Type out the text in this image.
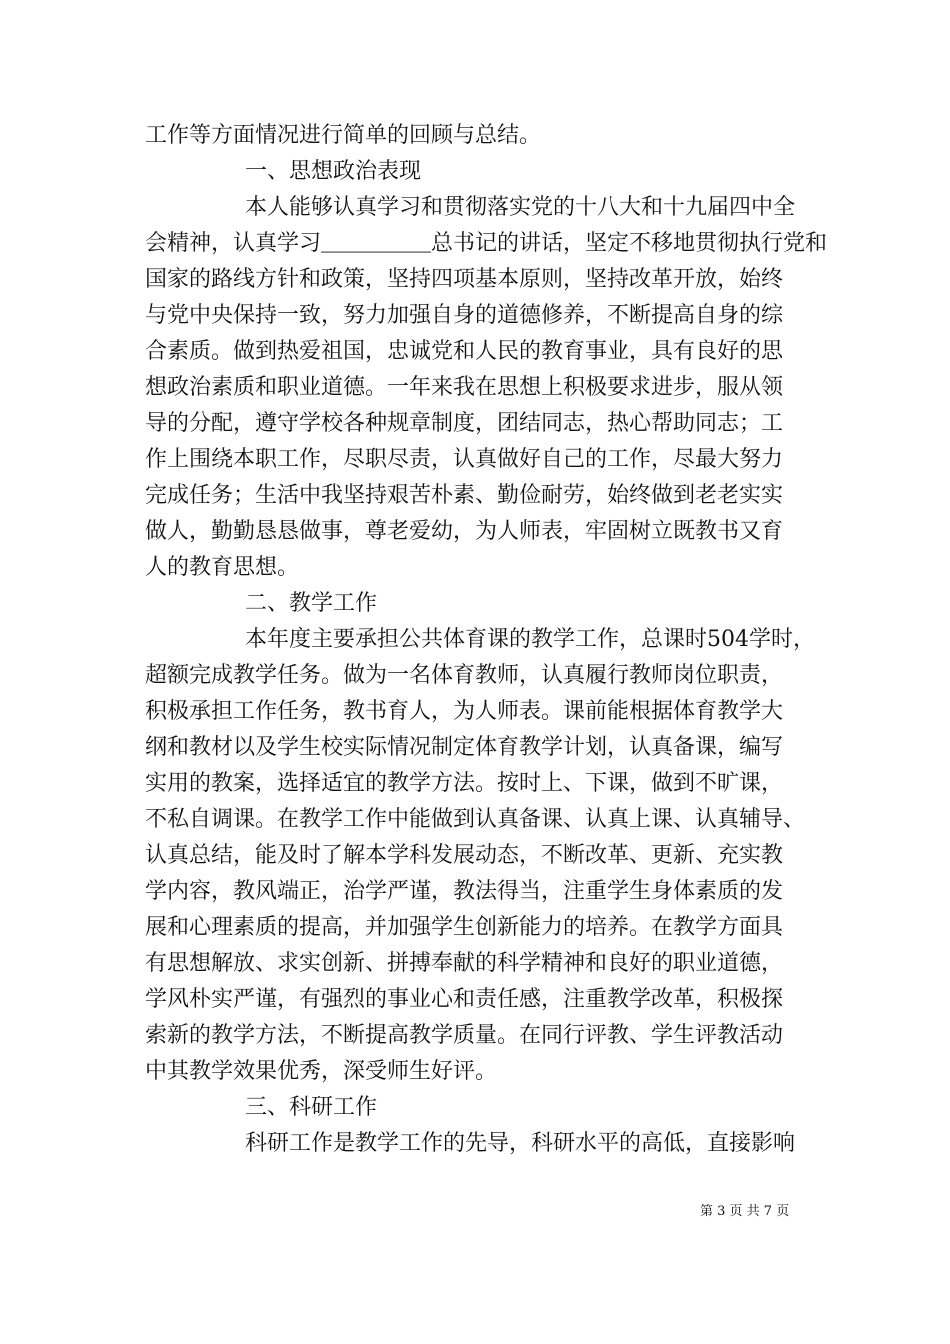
工作等方面情况进行简单的回顾与总结。
一、思想政治表现
本人能够认真学习和贯彻落实党的十八大和十九届四中全
会精神，认真学习＿＿＿＿＿总书记的讲话，坚定不移地贯彻执行党和
国家的路线方针和政策，坚持四项基本原则，坚持改革开放，始终
与党中央保持一致，努力加强自身的道德修养，不断提高自身的综
合素质。做到热爱祖国，忠诚党和人民的教育事业，具有良好的思
想政治素质和职业道德。一年来我在思想上积极要求进步，服从领
导的分配，遵守学校各种规章制度，团结同志，热心帮助同志；工
作上围绕本职工作，尽职尽责，认真做好自己的工作，尽最大努力
完成任务；生活中我坚持艰苦朴素、勤俭耐劳，始终做到老老实实
做人，勤勤恳恳做事，尊老爱幼，为人师表，牢固树立既教书又育
人的教育思想。
二、教学工作
本年度主要承担公共体育课的教学工作，总课时504学时，
超额完成教学任务。做为一名体育教师，认真履行教师岗位职责，
积极承担工作任务，教书育人，为人师表。课前能根据体育教学大
纲和教材以及学生校实际情况制定体育教学计划，认真备课，编写
实用的教案，选择适宜的教学方法。按时上、下课，做到不旷课，
不私自调课。在教学工作中能做到认真备课、认真上课、认真辅导、
认真总结，能及时了解本学科发展动态，不断改革、更新、充实教
学内容，教风端正，治学严谨，教法得当，注重学生身体素质的发
展和心理素质的提高，并加强学生创新能力的培养。在教学方面具
有思想解放、求实创新、拼搏奉献的科学精神和良好的职业道德，
学风朴实严谨，有强烈的事业心和责任感，注重教学改革，积极探
索新的教学方法，不断提高教学质量。在同行评教、学生评教活动
中其教学效果优秀，深受师生好评。
三、科研工作
科研工作是教学工作的先导，科研水平的高低，直接影响
第 3 页 共 7 页
